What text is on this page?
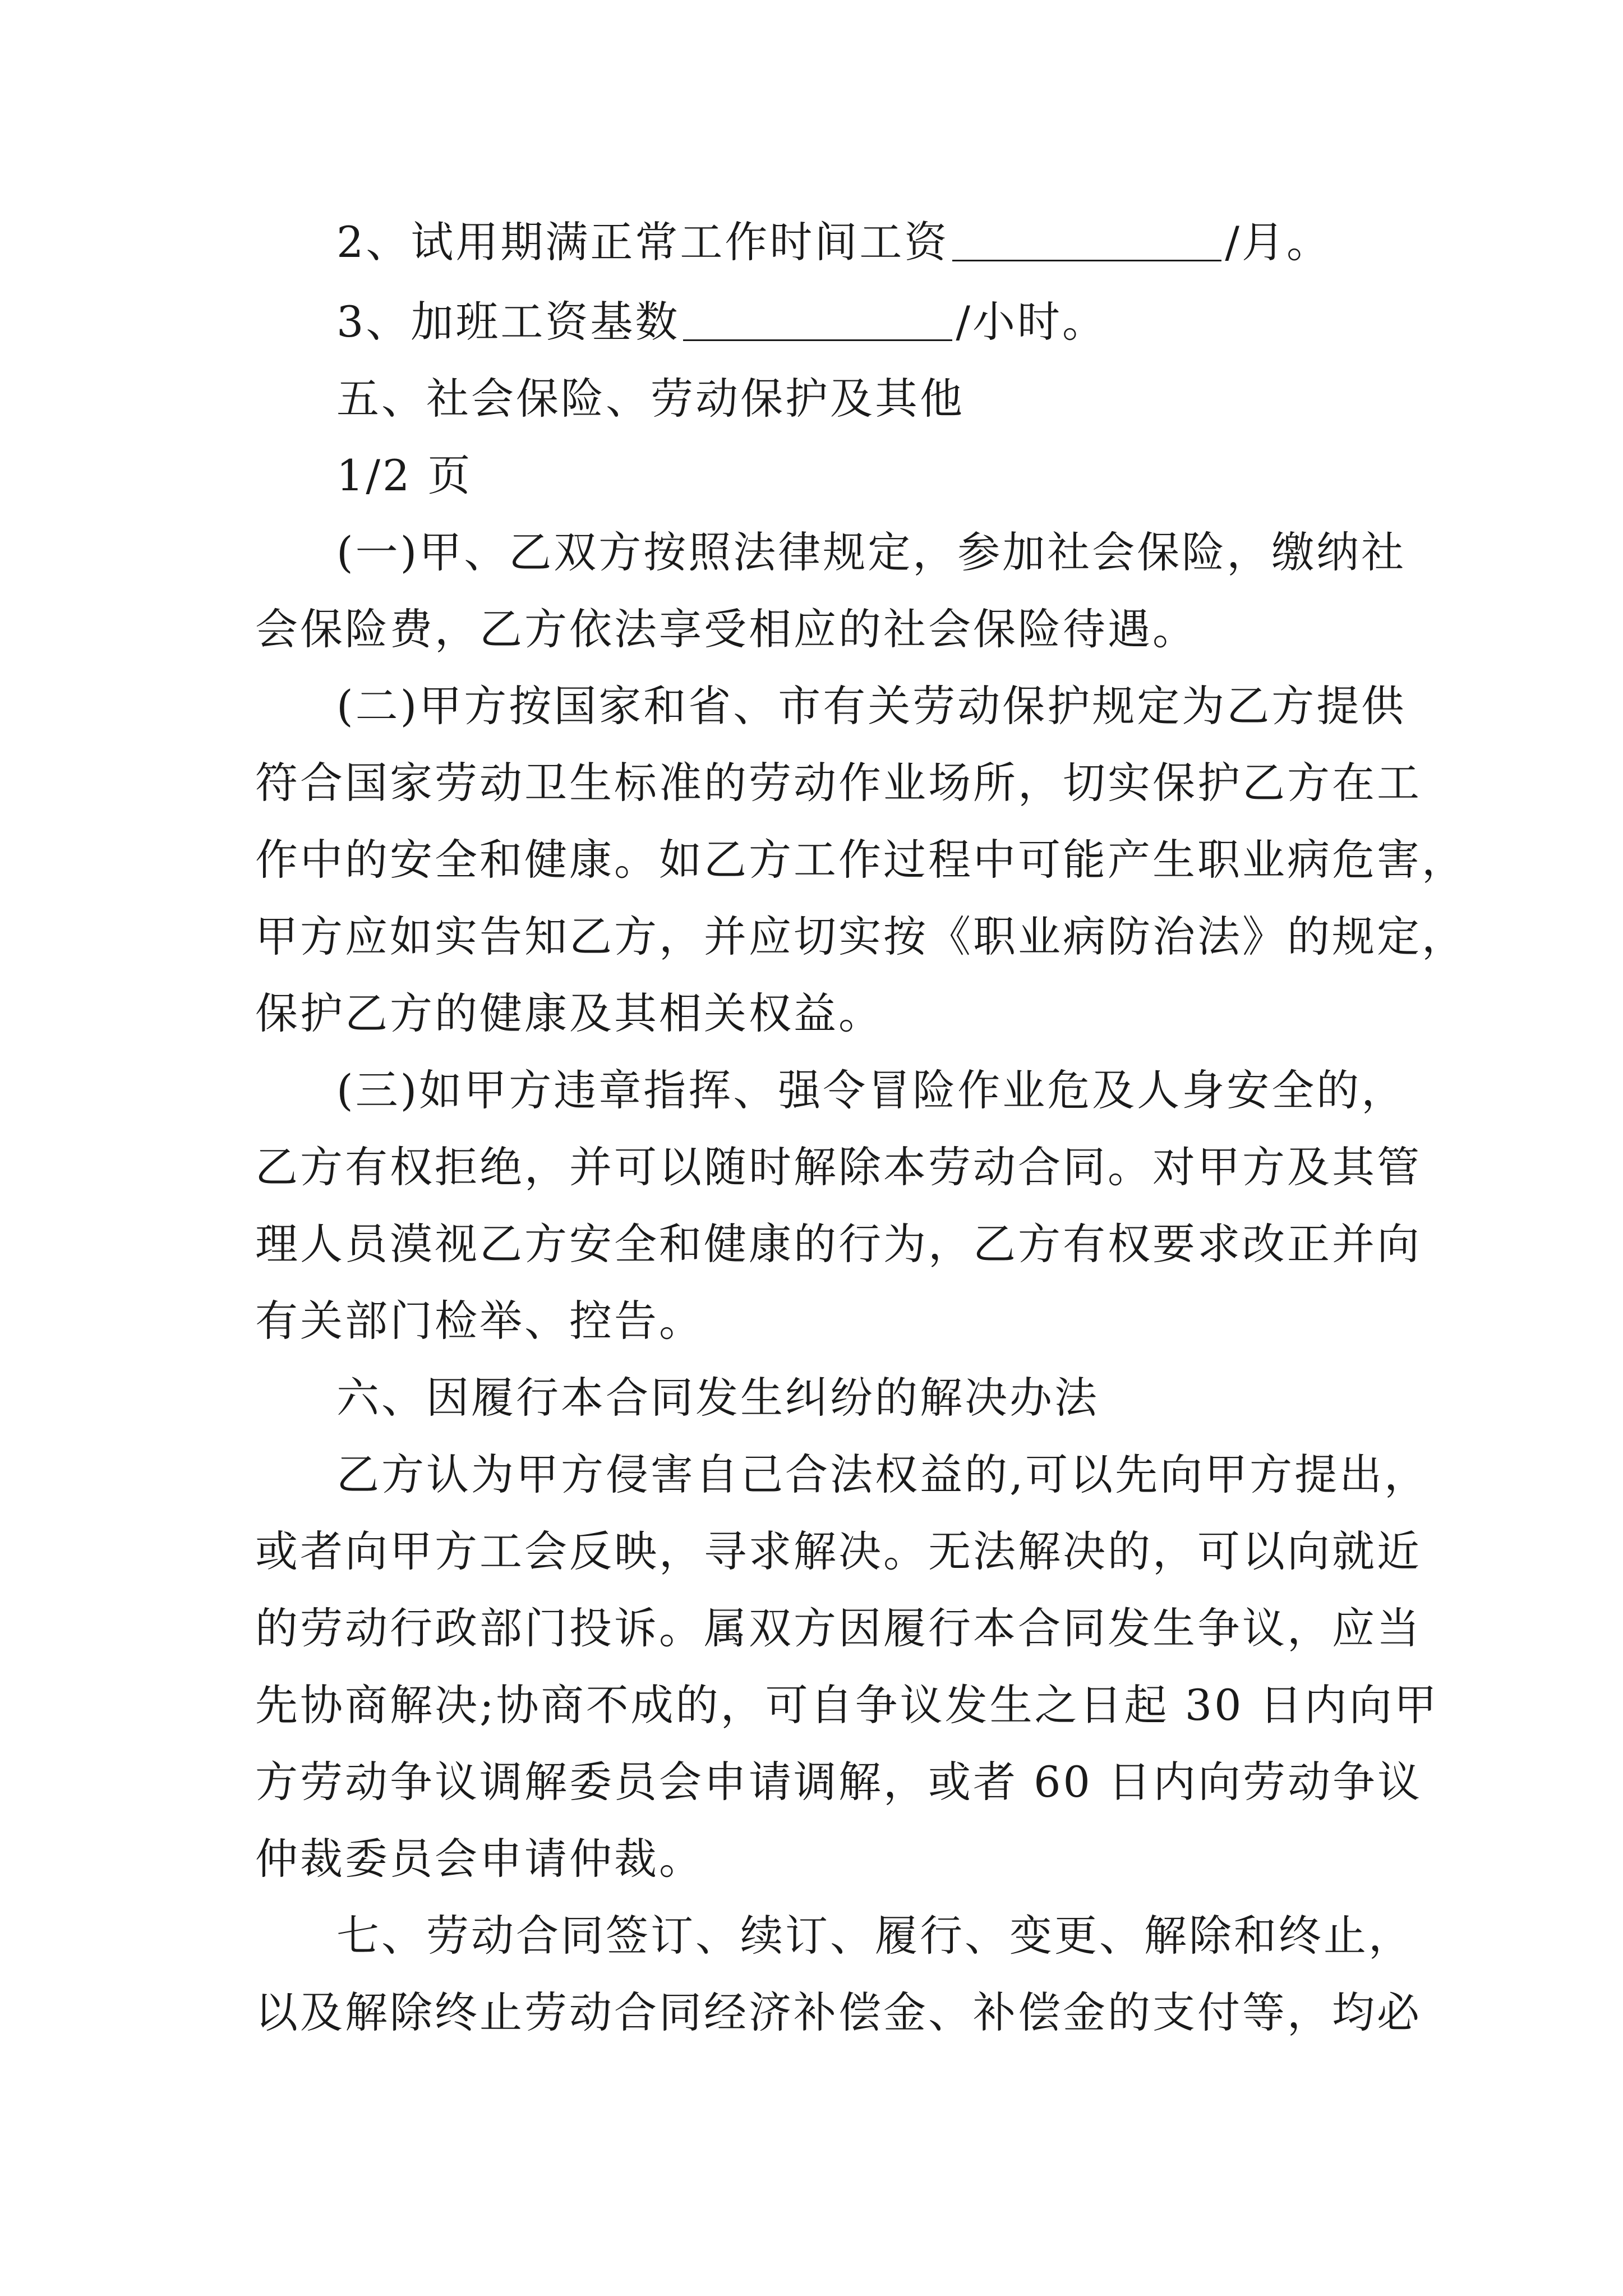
2、试用期满正常工作时间工资	/月。
3、加班工资基数	/小时。
五、社会保险、劳动保护及其他
1/2 页
(一)甲、乙双方按照法律规定，参加社会保险，缴纳社
会保险费，乙方依法享受相应的社会保险待遇。
(二)甲方按国家和省、市有关劳动保护规定为乙方提供
符合国家劳动卫生标准的劳动作业场所，切实保护乙方在工
作中的安全和健康。如乙方工作过程中可能产生职业病危害，
甲方应如实告知乙方，并应切实按《职业病防治法》的规定，
保护乙方的健康及其相关权益。
(三)如甲方违章指挥、强令冒险作业危及人身安全的，
乙方有权拒绝，并可以随时解除本劳动合同。对甲方及其管
理人员漠视乙方安全和健康的行为，乙方有权要求改正并向
有关部门检举、控告。
六、因履行本合同发生纠纷的解决办法
乙方认为甲方侵害自己合法权益的,可以先向甲方提出，
或者向甲方工会反映，寻求解决。无法解决的，可以向就近
的劳动行政部门投诉。属双方因履行本合同发生争议，应当
先协商解决;协商不成的，可自争议发生之日起 30 日内向甲
方劳动争议调解委员会申请调解，或者 60 日内向劳动争议
仲裁委员会申请仲裁。
七、劳动合同签订、续订、履行、变更、解除和终止，
以及解除终止劳动合同经济补偿金、补偿金的支付等，均必
